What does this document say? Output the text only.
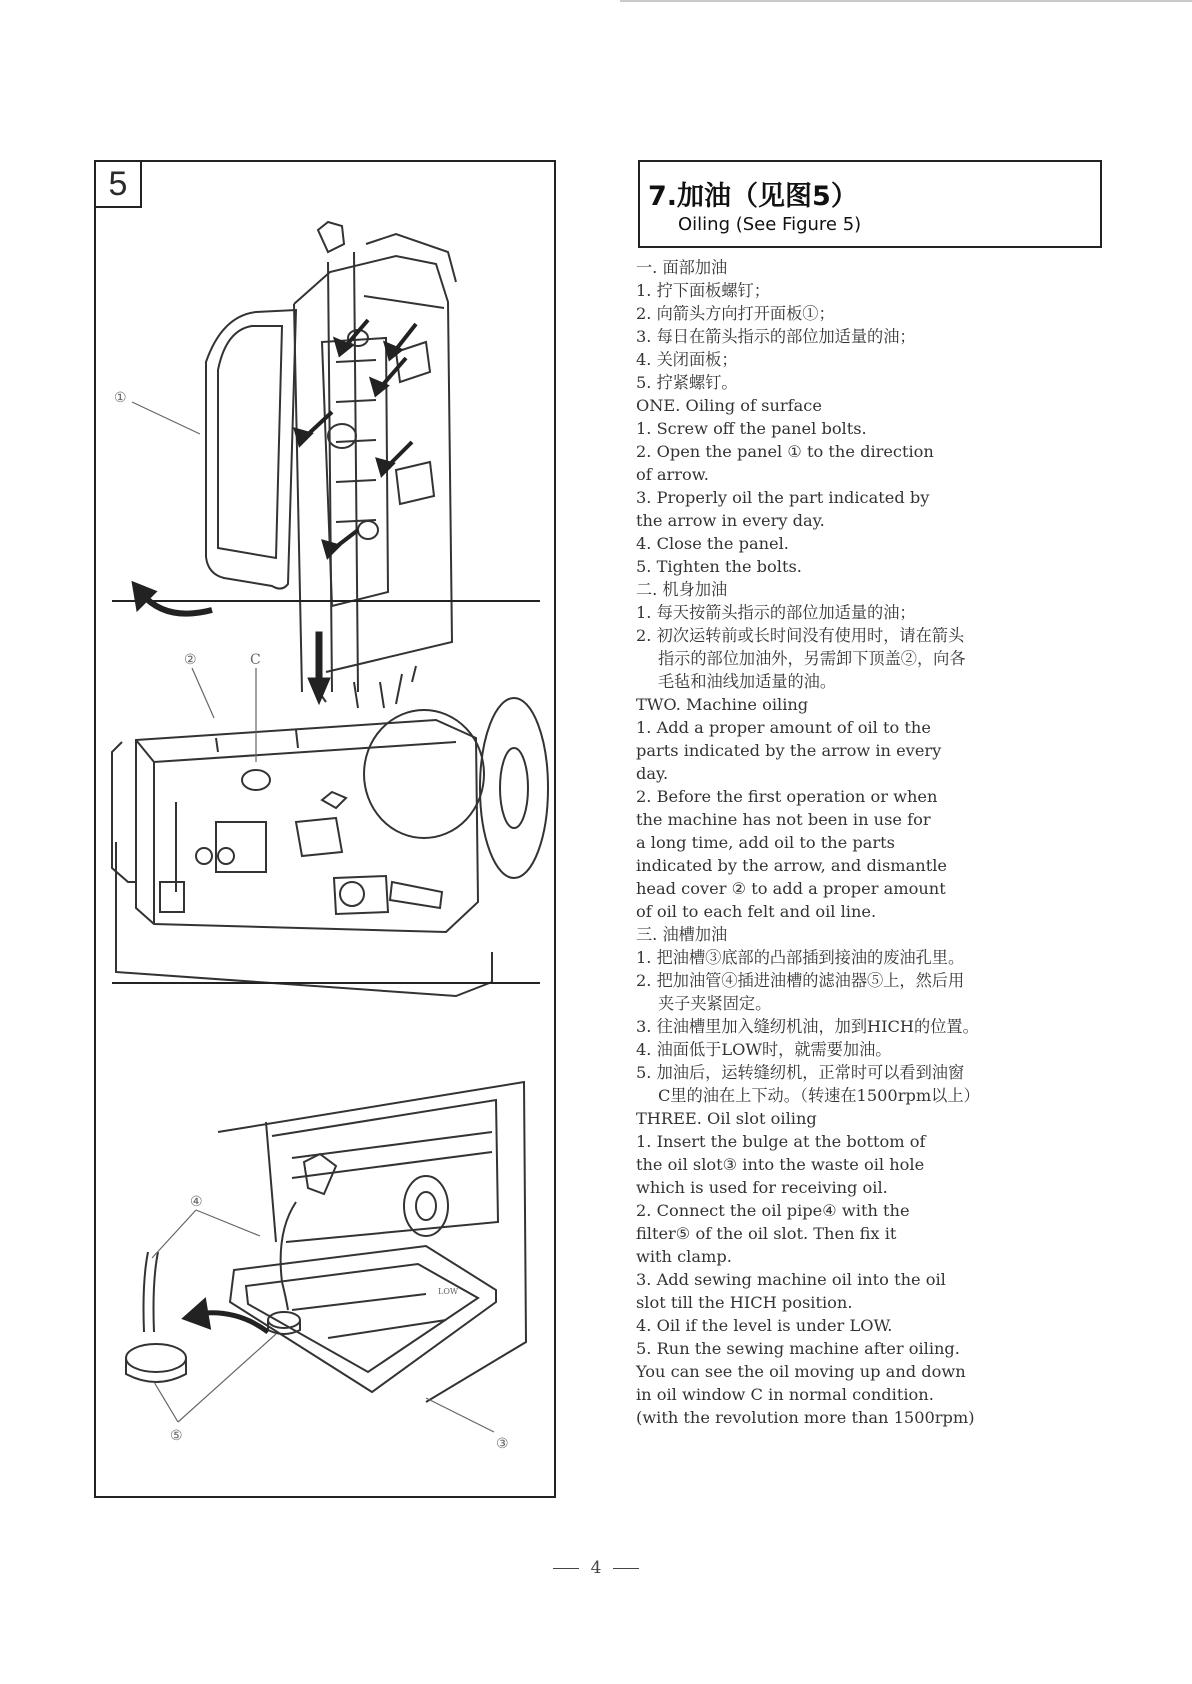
5
①
②	C
④
⑤	③
LOW
7.加油（见图5）
Oiling (See Figure 5)
一. 面部加油
1. 拧下面板螺钉；
2. 向箭头方向打开面板①；
3. 每日在箭头指示的部位加适量的油；
4. 关闭面板；
5. 拧紧螺钉。
ONE. Oiling of surface
1. Screw off the panel bolts.
2. Open the panel ① to the direction
of arrow.
3. Properly oil the part indicated by
the arrow in every day.
4. Close the panel.
5. Tighten the bolts.
二. 机身加油
1. 每天按箭头指示的部位加适量的油；
2. 初次运转前或长时间没有使用时，请在箭头
指示的部位加油外，另需卸下顶盖②，向各
毛毡和油线加适量的油。
TWO. Machine oiling
1. Add a proper amount of oil to the
parts indicated by the arrow in every
day.
2. Before the first operation or when
the machine has not been in use for
a long time, add oil to the parts
indicated by the arrow, and dismantle
head cover ② to add a proper amount
of oil to each felt and oil line.
三. 油槽加油
1. 把油槽③底部的凸部插到接油的废油孔里。
2. 把加油管④插进油槽的滤油器⑤上，然后用
夹子夹紧固定。
3. 往油槽里加入缝纫机油，加到HICH的位置。
4. 油面低于LOW时，就需要加油。
5. 加油后，运转缝纫机，正常时可以看到油窗
C里的油在上下动。（转速在1500rpm以上）
THREE. Oil slot oiling
1. Insert the bulge at the bottom of
the oil slot③ into the waste oil hole
which is used for receiving oil.
2. Connect the oil pipe④ with the
filter⑤ of the oil slot. Then fix it
with clamp.
3. Add sewing machine oil into the oil
slot till the HICH position.
4. Oil if the level is under LOW.
5. Run the sewing machine after oiling.
You can see the oil moving up and down
in oil window C in normal condition.
(with the revolution more than 1500rpm)
4
